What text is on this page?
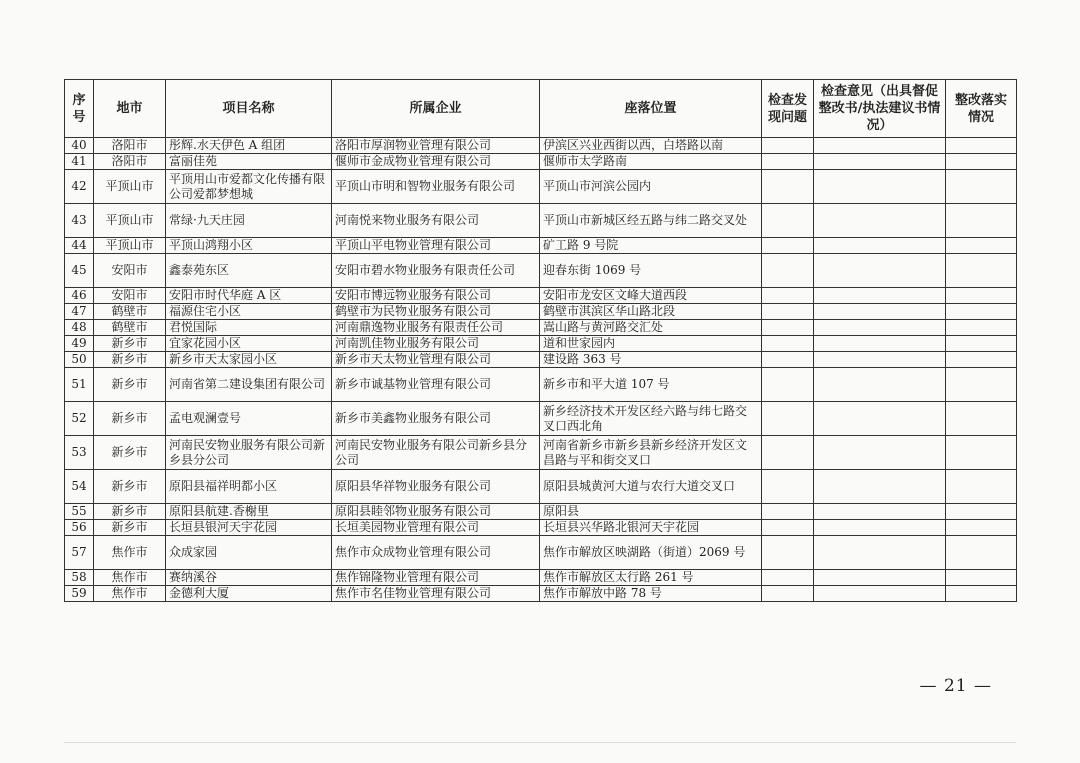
序号	地市	项目名称	所属企业	座落位置	检查发现问题	检查意见（出具督促整改书/执法建议书情况）	整改落实情况
40	洛阳市	彤辉.水天伊色 A 组团	洛阳市厚润物业管理有限公司	伊滨区兴业西街以西，白塔路以南			
41	洛阳市	富丽佳苑	偃师市金成物业管理有限公司	偃师市太学路南			
42	平顶山市	平顶用山市爱都文化传播有限公司爱都梦想城	平顶山市明和智物业服务有限公司	平顶山市河滨公园内			
43	平顶山市	常绿·九天庄园	河南悦来物业服务有限公司	平顶山市新城区经五路与纬二路交叉处			
44	平顶山市	平顶山鸿翔小区	平顶山平电物业管理有限公司	矿工路 9 号院			
45	安阳市	鑫泰苑东区	安阳市碧水物业服务有限责任公司	迎春东街 1069 号			
46	安阳市	安阳市时代华庭 A 区	安阳市博远物业服务有限公司	安阳市龙安区文峰大道西段			
47	鹤壁市	福源住宅小区	鹤壁市为民物业服务有限公司	鹤壁市淇滨区华山路北段			
48	鹤壁市	君悦国际	河南鼎逸物业服务有限责任公司	嵩山路与黄河路交汇处			
49	新乡市	宜家花园小区	河南凯佳物业服务有限公司	道和世家园内			
50	新乡市	新乡市天太家园小区	新乡市天太物业管理有限公司	建设路 363 号			
51	新乡市	河南省第二建设集团有限公司	新乡市诚基物业管理有限公司	新乡市和平大道 107 号			
52	新乡市	孟电观澜壹号	新乡市美鑫物业服务有限公司	新乡经济技术开发区经六路与纬七路交叉口西北角			
53	新乡市	河南民安物业服务有限公司新乡县分公司	河南民安物业服务有限公司新乡县分公司	河南省新乡市新乡县新乡经济开发区文昌路与平和街交叉口			
54	新乡市	原阳县福祥明都小区	原阳县华祥物业服务有限公司	原阳县城黄河大道与农行大道交叉口			
55	新乡市	原阳县航建.香榭里	原阳县睦邻物业服务有限公司	原阳县			
56	新乡市	长垣县银河天宇花园	长垣美园物业管理有限公司	长垣县兴华路北银河天宇花园			
57	焦作市	众成家园	焦作市众成物业管理有限公司	焦作市解放区映湖路（街道）2069 号			
58	焦作市	赛纳溪谷	焦作锦隆物业管理有限公司	焦作市解放区太行路 261 号			
59	焦作市	金德利大厦	焦作市名佳物业管理有限公司	焦作市解放中路 78 号			
— 21 —
